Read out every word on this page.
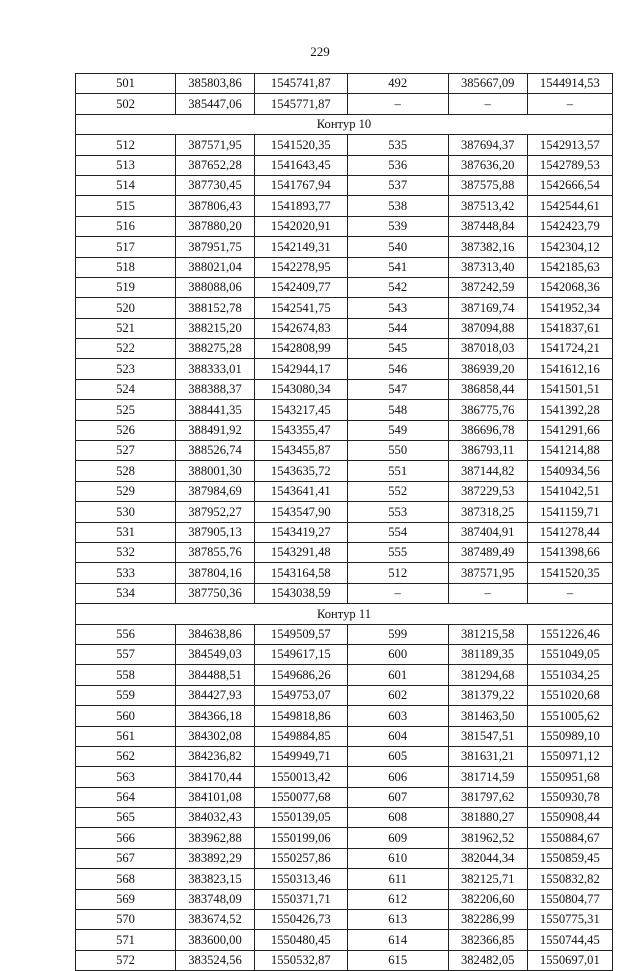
229
501	385803,86	1545741,87	492	385667,09	1544914,53
502	385447,06	1545771,87	–	–	–
Контур 10					
512	387571,95	1541520,35	535	387694,37	1542913,57
513	387652,28	1541643,45	536	387636,20	1542789,53
514	387730,45	1541767,94	537	387575,88	1542666,54
515	387806,43	1541893,77	538	387513,42	1542544,61
516	387880,20	1542020,91	539	387448,84	1542423,79
517	387951,75	1542149,31	540	387382,16	1542304,12
518	388021,04	1542278,95	541	387313,40	1542185,63
519	388088,06	1542409,77	542	387242,59	1542068,36
520	388152,78	1542541,75	543	387169,74	1541952,34
521	388215,20	1542674,83	544	387094,88	1541837,61
522	388275,28	1542808,99	545	387018,03	1541724,21
523	388333,01	1542944,17	546	386939,20	1541612,16
524	388388,37	1543080,34	547	386858,44	1541501,51
525	388441,35	1543217,45	548	386775,76	1541392,28
526	388491,92	1543355,47	549	386696,78	1541291,66
527	388526,74	1543455,87	550	386793,11	1541214,88
528	388001,30	1543635,72	551	387144,82	1540934,56
529	387984,69	1543641,41	552	387229,53	1541042,51
530	387952,27	1543547,90	553	387318,25	1541159,71
531	387905,13	1543419,27	554	387404,91	1541278,44
532	387855,76	1543291,48	555	387489,49	1541398,66
533	387804,16	1543164,58	512	387571,95	1541520,35
534	387750,36	1543038,59	–	–	–
Контур 11					
556	384638,86	1549509,57	599	381215,58	1551226,46
557	384549,03	1549617,15	600	381189,35	1551049,05
558	384488,51	1549686,26	601	381294,68	1551034,25
559	384427,93	1549753,07	602	381379,22	1551020,68
560	384366,18	1549818,86	603	381463,50	1551005,62
561	384302,08	1549884,85	604	381547,51	1550989,10
562	384236,82	1549949,71	605	381631,21	1550971,12
563	384170,44	1550013,42	606	381714,59	1550951,68
564	384101,08	1550077,68	607	381797,62	1550930,78
565	384032,43	1550139,05	608	381880,27	1550908,44
566	383962,88	1550199,06	609	381962,52	1550884,67
567	383892,29	1550257,86	610	382044,34	1550859,45
568	383823,15	1550313,46	611	382125,71	1550832,82
569	383748,09	1550371,71	612	382206,60	1550804,77
570	383674,52	1550426,73	613	382286,99	1550775,31
571	383600,00	1550480,45	614	382366,85	1550744,45
572	383524,56	1550532,87	615	382482,05	1550697,01
